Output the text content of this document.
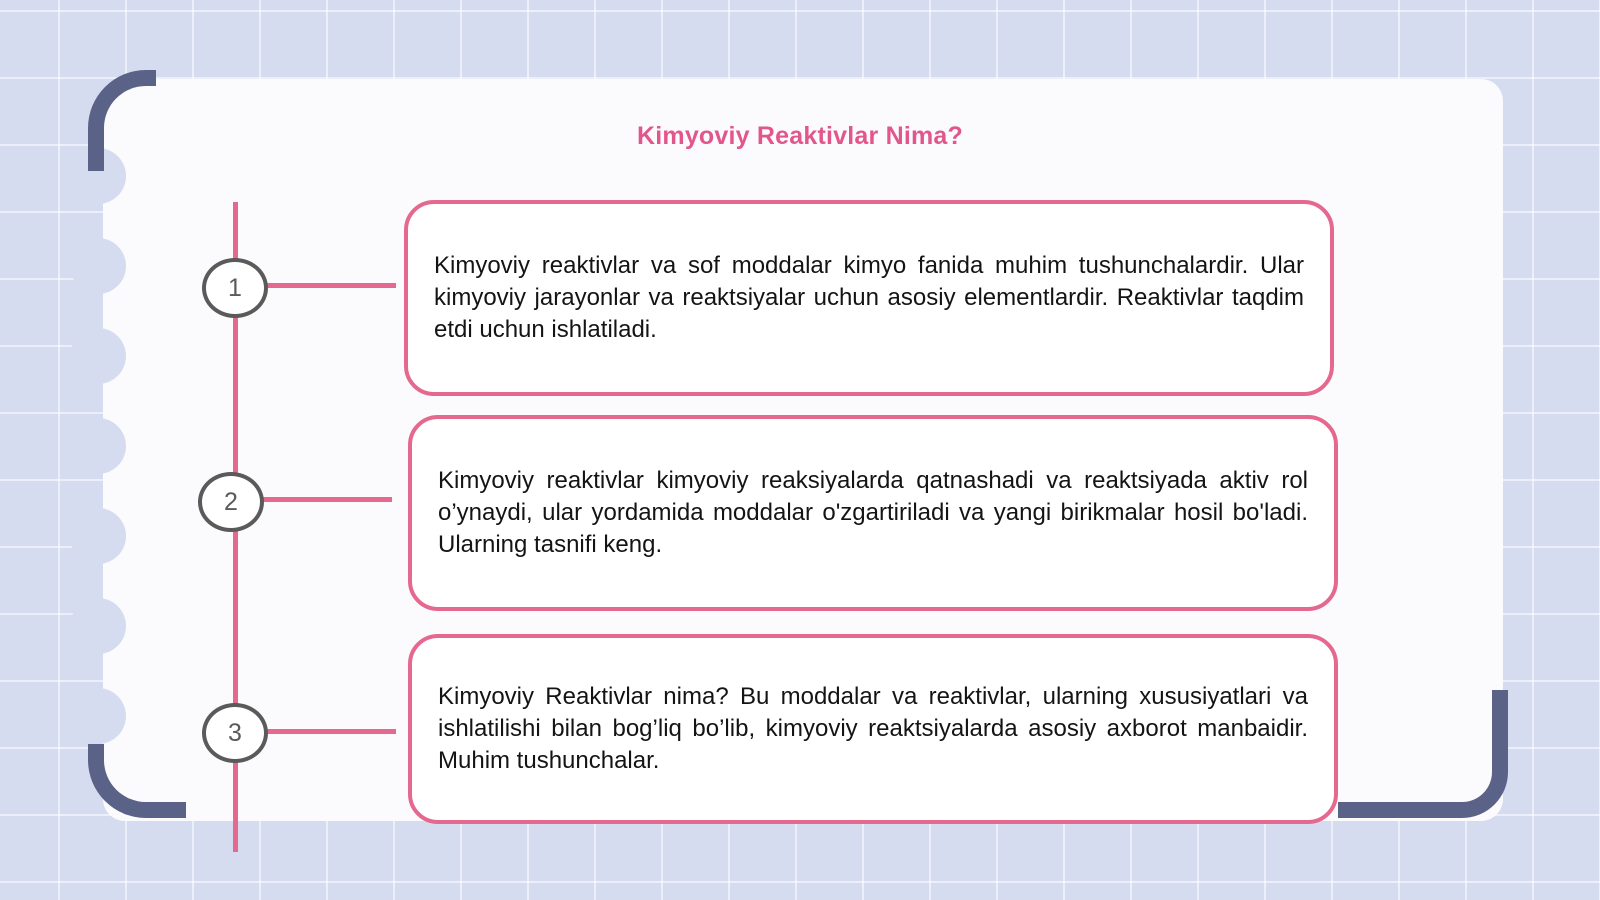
Kimyoviy Reaktivlar Nima?
1
2
3
Kimyoviy reaktivlar va sof moddalar kimyo fanida muhim tushunchalardir. Ular kimyoviy jarayonlar va reaktsiyalar uchun asosiy elementlardir. Reaktivlar taqdim etdi uchun ishlatiladi.
Kimyoviy reaktivlar kimyoviy reaksiyalarda qatnashadi va reaktsiyada aktiv rol o’ynaydi, ular yordamida moddalar o'zgartiriladi va yangi birikmalar hosil bo'ladi. Ularning tasnifi keng.
Kimyoviy Reaktivlar nima? Bu moddalar va reaktivlar, ularning xususiyatlari va ishlatilishi bilan bog’liq bo’lib, kimyoviy reaktsiyalarda asosiy axborot manbaidir. Muhim tushunchalar.
